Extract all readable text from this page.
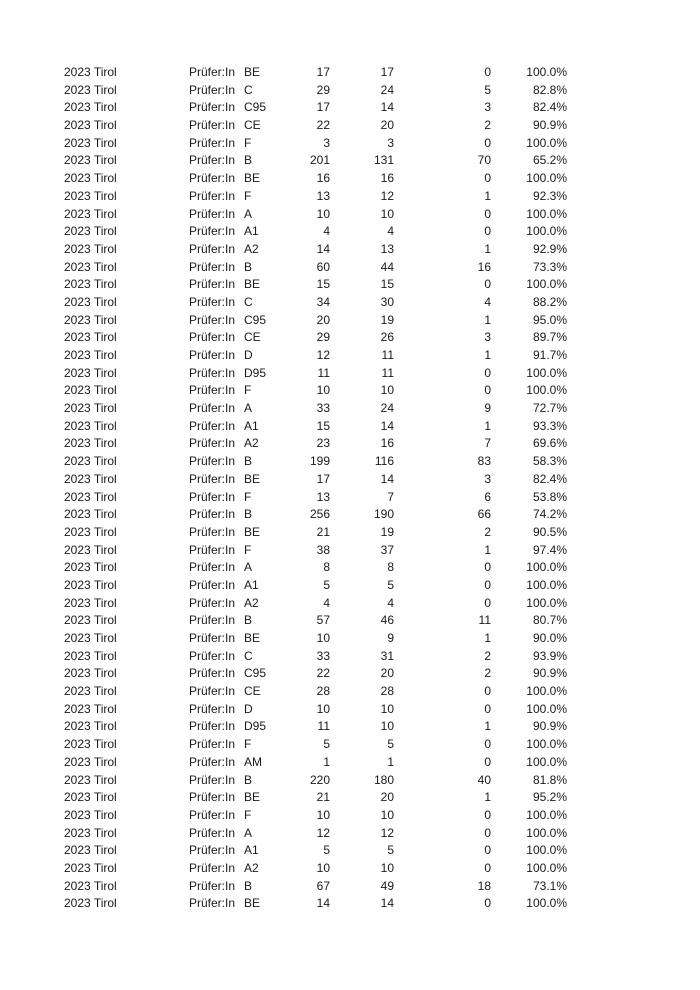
2023 Tirol	Prüfer:In BE	17	17	0	100.0%
2023 Tirol	Prüfer:In C	29	24	5	82.8%
2023 Tirol	Prüfer:In C95	17	14	3	82.4%
2023 Tirol	Prüfer:In CE	22	20	2	90.9%
2023 Tirol	Prüfer:In F	3	3	0	100.0%
2023 Tirol	Prüfer:In B	201	131	70	65.2%
2023 Tirol	Prüfer:In BE	16	16	0	100.0%
2023 Tirol	Prüfer:In F	13	12	1	92.3%
2023 Tirol	Prüfer:In A	10	10	0	100.0%
2023 Tirol	Prüfer:In A1	4	4	0	100.0%
2023 Tirol	Prüfer:In A2	14	13	1	92.9%
2023 Tirol	Prüfer:In B	60	44	16	73.3%
2023 Tirol	Prüfer:In BE	15	15	0	100.0%
2023 Tirol	Prüfer:In C	34	30	4	88.2%
2023 Tirol	Prüfer:In C95	20	19	1	95.0%
2023 Tirol	Prüfer:In CE	29	26	3	89.7%
2023 Tirol	Prüfer:In D	12	11	1	91.7%
2023 Tirol	Prüfer:In D95	11	11	0	100.0%
2023 Tirol	Prüfer:In F	10	10	0	100.0%
2023 Tirol	Prüfer:In A	33	24	9	72.7%
2023 Tirol	Prüfer:In A1	15	14	1	93.3%
2023 Tirol	Prüfer:In A2	23	16	7	69.6%
2023 Tirol	Prüfer:In B	199	116	83	58.3%
2023 Tirol	Prüfer:In BE	17	14	3	82.4%
2023 Tirol	Prüfer:In F	13	7	6	53.8%
2023 Tirol	Prüfer:In B	256	190	66	74.2%
2023 Tirol	Prüfer:In BE	21	19	2	90.5%
2023 Tirol	Prüfer:In F	38	37	1	97.4%
2023 Tirol	Prüfer:In A	8	8	0	100.0%
2023 Tirol	Prüfer:In A1	5	5	0	100.0%
2023 Tirol	Prüfer:In A2	4	4	0	100.0%
2023 Tirol	Prüfer:In B	57	46	11	80.7%
2023 Tirol	Prüfer:In BE	10	9	1	90.0%
2023 Tirol	Prüfer:In C	33	31	2	93.9%
2023 Tirol	Prüfer:In C95	22	20	2	90.9%
2023 Tirol	Prüfer:In CE	28	28	0	100.0%
2023 Tirol	Prüfer:In D	10	10	0	100.0%
2023 Tirol	Prüfer:In D95	11	10	1	90.9%
2023 Tirol	Prüfer:In F	5	5	0	100.0%
2023 Tirol	Prüfer:In AM	1	1	0	100.0%
2023 Tirol	Prüfer:In B	220	180	40	81.8%
2023 Tirol	Prüfer:In BE	21	20	1	95.2%
2023 Tirol	Prüfer:In F	10	10	0	100.0%
2023 Tirol	Prüfer:In A	12	12	0	100.0%
2023 Tirol	Prüfer:In A1	5	5	0	100.0%
2023 Tirol	Prüfer:In A2	10	10	0	100.0%
2023 Tirol	Prüfer:In B	67	49	18	73.1%
2023 Tirol	Prüfer:In BE	14	14	0	100.0%
